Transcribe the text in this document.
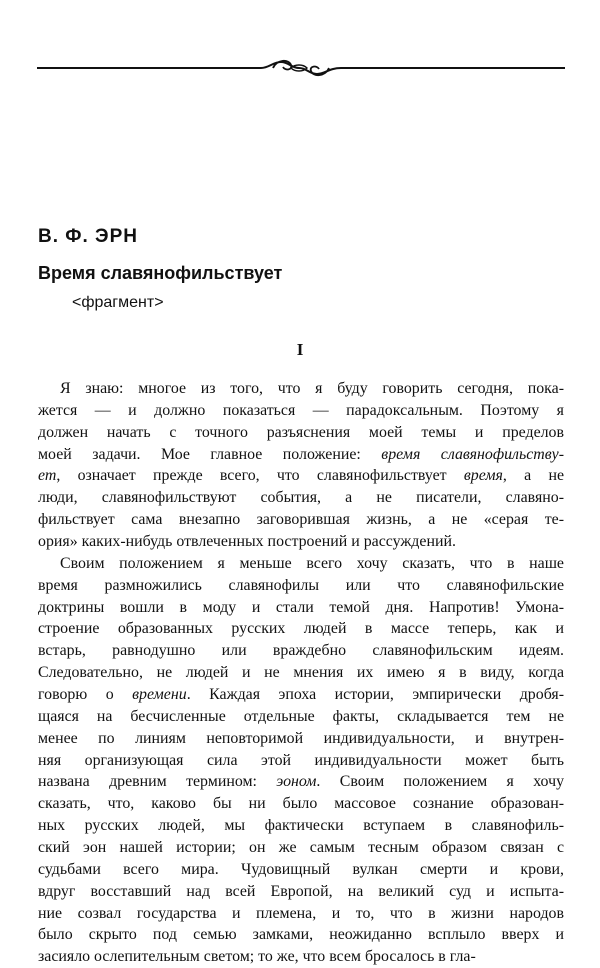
В. Ф. ЭРН
Время славянофильствует

<фрагмент>

I

Я знаю: многое из того, что я буду говорить сегодня, пока-
жется — и должно показаться — парадоксальным. Поэтому я
должен начать с точного разъяснения моей темы и пределов
моей задачи. Мое главное положение: время славянофильству-
ет, означает прежде всего, что славянофильствует время, а не
люди, славянофильствуют события, а не писатели, славяно-
фильствует сама внезапно заговорившая жизнь, а не «серая те-
ория» каких-нибудь отвлеченных построений и рассуждений.
Своим положением я меньше всего хочу сказать, что в наше
время размножились славянофилы или что славянофильские
доктрины вошли в моду и стали темой дня. Напротив! Умона-
строение образованных русских людей в массе теперь, как и
встарь, равнодушно или враждебно славянофильским идеям.
Следовательно, не людей и не мнения их имею я в виду, когда
говорю о времени. Каждая эпоха истории, эмпирически дробя-
щаяся на бесчисленные отдельные факты, складывается тем не
менее по линиям неповторимой индивидуальности, и внутрен-
няя организующая сила этой индивидуальности может быть
названа древним термином: эоном. Своим положением я хочу
сказать, что, каково бы ни было массовое сознание образован-
ных русских людей, мы фактически вступаем в славянофиль-
ский эон нашей истории; он же самым тесным образом связан с
судьбами всего мира. Чудовищный вулкан смерти и крови,
вдруг восставший над всей Европой, на великий суд и испыта-
ние созвал государства и племена, и то, что в жизни народов
было скрыто под семью замками, неожиданно всплыло вверх и
засияло ослепительным светом; то же, что всем бросалось в гла-
